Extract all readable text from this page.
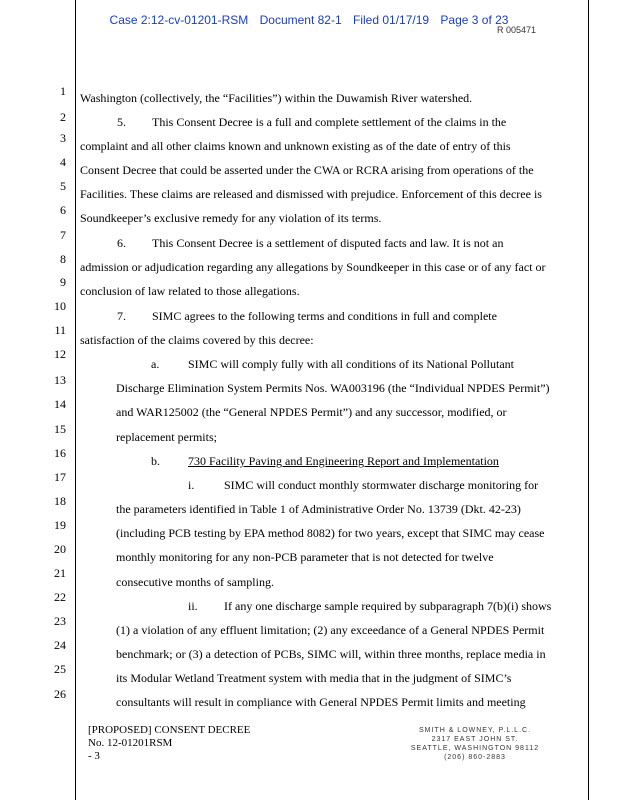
Case 2:12-cv-01201-RSM Document 82-1 Filed 01/17/19 Page 3 of 23
R 005471
1
2
3
4
5
6
7
8
9
10
11
12
13
14
15
16
17
18
19
20
21
22
23
24
25
26
Washington (collectively, the “Facilities”) within the Duwamish River watershed.
5. This Consent Decree is a full and complete settlement of the claims in the
complaint and all other claims known and unknown existing as of the date of entry of this
Consent Decree that could be asserted under the CWA or RCRA arising from operations of the
Facilities. These claims are released and dismissed with prejudice. Enforcement of this decree is
Soundkeeper’s exclusive remedy for any violation of its terms.
6. This Consent Decree is a settlement of disputed facts and law. It is not an
admission or adjudication regarding any allegations by Soundkeeper in this case or of any fact or
conclusion of law related to those allegations.
7. SIMC agrees to the following terms and conditions in full and complete
satisfaction of the claims covered by this decree:
a. SIMC will comply fully with all conditions of its National Pollutant
Discharge Elimination System Permits Nos. WA003196 (the “Individual NPDES Permit”)
and WAR125002 (the “General NPDES Permit”) and any successor, modified, or
replacement permits;
b. 730 Facility Paving and Engineering Report and Implementation
i. SIMC will conduct monthly stormwater discharge monitoring for
the parameters identified in Table 1 of Administrative Order No. 13739 (Dkt. 42-23)
(including PCB testing by EPA method 8082) for two years, except that SIMC may cease
monthly monitoring for any non-PCB parameter that is not detected for twelve
consecutive months of sampling.
ii. If any one discharge sample required by subparagraph 7(b)(i) shows
(1) a violation of any effluent limitation; (2) any exceedance of a General NPDES Permit
benchmark; or (3) a detection of PCBs, SIMC will, within three months, replace media in
its Modular Wetland Treatment system with media that in the judgment of SIMC’s
consultants will result in compliance with General NPDES Permit limits and meeting
[PROPOSED] CONSENT DECREE
No. 12-01201RSM
- 3
SMITH & LOWNEY, P.L.L.C.
2317 EAST JOHN ST.
SEATTLE, WASHINGTON 98112
(206) 860-2883
